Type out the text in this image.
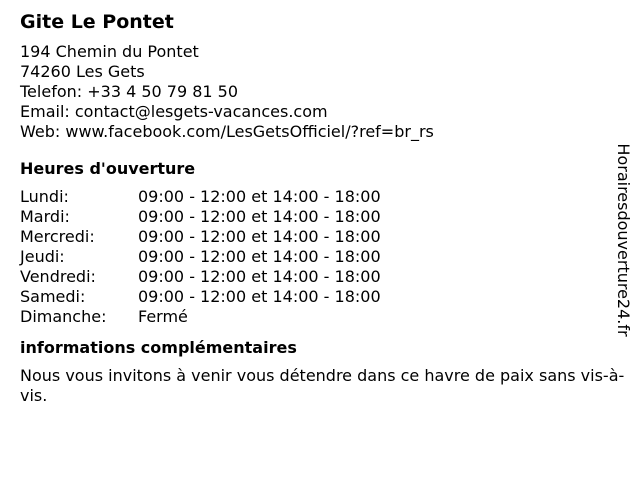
Gite Le Pontet
194 Chemin du Pontet
74260 Les Gets
Telefon: +33 4 50 79 81 50
Email: contact@lesgets-vacances.com
Web: www.facebook.com/LesGetsOfficiel/?ref=br_rs
Heures d'ouverture
Lundi:	09:00 - 12:00 et 14:00 - 18:00
Mardi:	09:00 - 12:00 et 14:00 - 18:00
Mercredi:	09:00 - 12:00 et 14:00 - 18:00
Jeudi:	09:00 - 12:00 et 14:00 - 18:00
Vendredi:	09:00 - 12:00 et 14:00 - 18:00
Samedi:	09:00 - 12:00 et 14:00 - 18:00
Dimanche:	Fermé
informations complémentaires
Nous vous invitons à venir vous détendre dans ce havre de paix sans vis-à-vis.
Horairesdouverture24.fr
